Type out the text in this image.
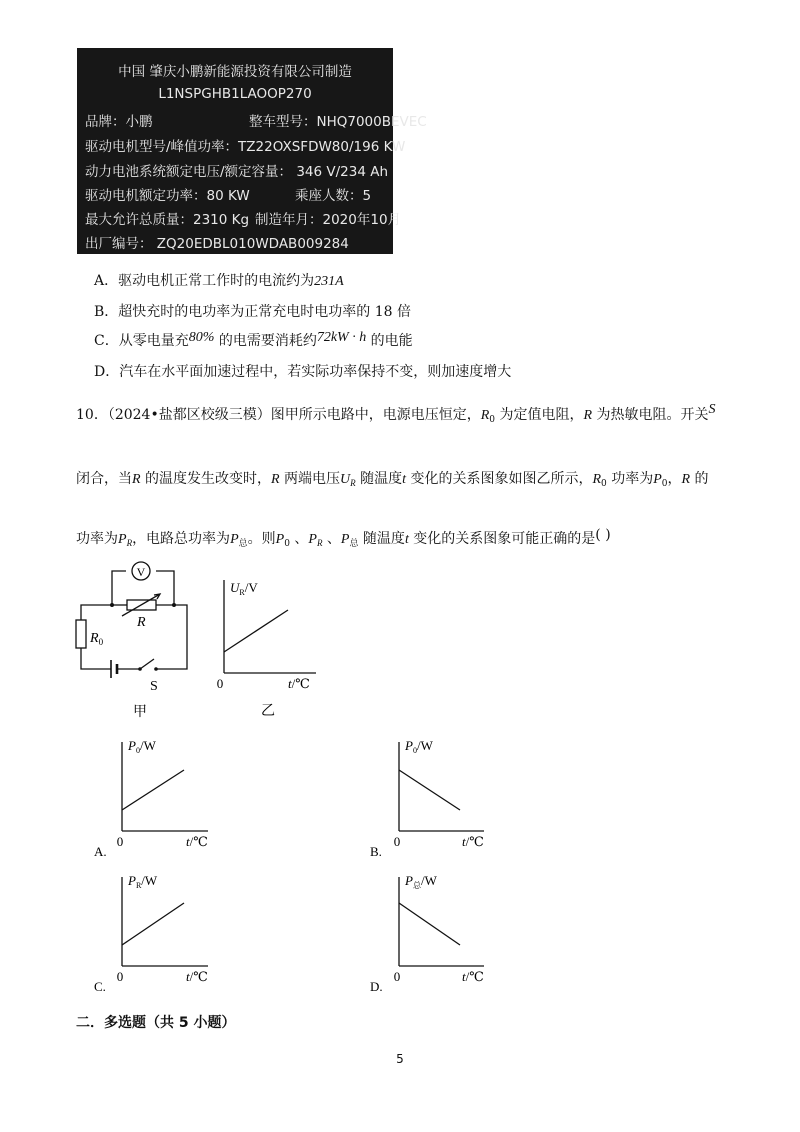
中国 肇庆小鹏新能源投资有限公司制造
L1NSPGHB1LAOOP270
品牌：小鹏	整车型号：NHQ7000BEVEC
驱动电机型号/峰值功率：TZ22OXSFDW80/196 KW
动力电池系统额定电压/额定容量： 346 V/234 Ah
驱动电机额定功率：80 KW	乘座人数：5
最大允许总质量：2310 Kg 制造年月：2020年10月
出厂编号： ZQ20EDBL010WDAB009284
A．驱动电机正常工作时的电流约为231A
B．超快充时的电功率为正常充电时电功率的 18 倍
C．从零电量充80% 的电需要消耗约72kW · h 的电能
D．汽车在水平面加速过程中，若实际功率保持不变，则加速度增大
10．（2024•盐都区校级三模）图甲所示电路中，电源电压恒定，$R_0$ 为定值电阻，R 为热敏电阻。开关S
闭合，当R 的温度发生改变时，R 两端电压$U_R$ 随温度t 变化的关系图象如图乙所示，$R_0$ 功率为$P_0$，R 的
功率为$P_R$，电路总功率为$P_总$。则$P_0$ 、$P_R$ 、$P_总$ 随温度t 变化的关系图象可能正确的是( )
V
R
$R_0$
S
甲
$U_R/V$
0	t/℃
乙
$P_0/W$
0	t/℃
A.
$P_0/W$
0	t/℃
B.
$P_R/W$
0	t/℃
C.
$P_总/W$
0	t/℃
D.
二．多选题（共 5 小题）
5
